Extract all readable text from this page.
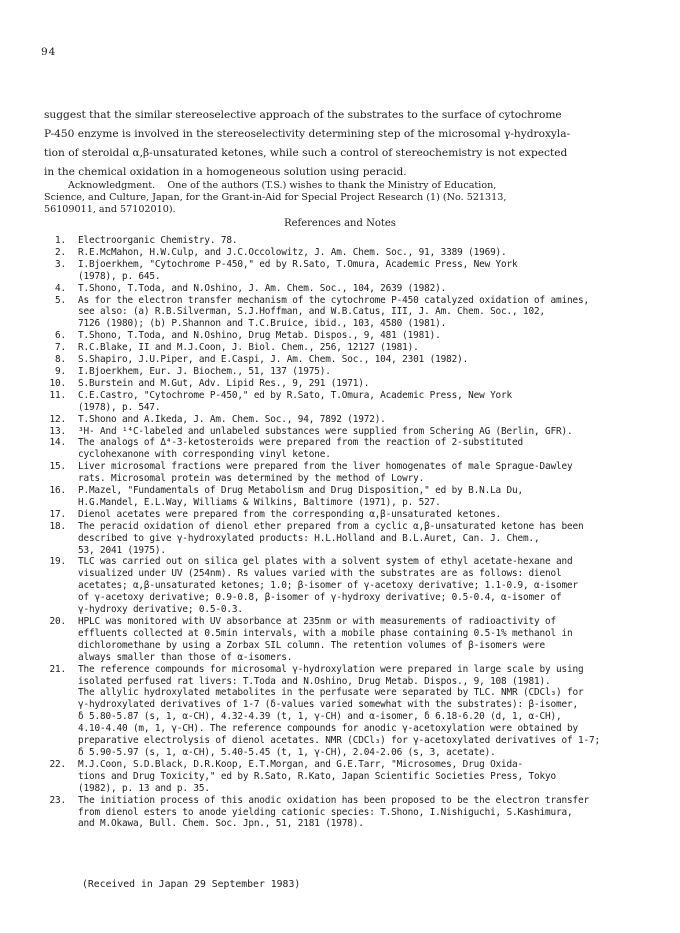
94

suggest that the similar stereoselective approach of the substrates to the surface of cytochrome

P-450 enzyme is involved in the stereoselectivity determining step of the microsomal γ-hydroxyla-

tion of steroidal α,β-unsaturated ketones, while such a control of stereochemistry is not expected

in the chemical oxidation in a homogeneous solution using peracid.

Acknowledgment.    One of the authors (T.S.) wishes to thank the Ministry of Education,

Science, and Culture, Japan, for the Grant-in-Aid for Special Project Research (1) (No. 521313,

56109011, and 57102010).

References and Notes
1.	Electroorganic Chemistry. 78.
2.	R.E.McMahon, H.W.Culp, and J.C.Occolowitz, J. Am. Chem. Soc., 91, 3389 (1969).
3.	I.Bjoerkhem, "Cytochrome P-450," ed by R.Sato, T.Omura, Academic Press, New York
(1978), p. 645.
4.	T.Shono, T.Toda, and N.Oshino, J. Am. Chem. Soc., 104, 2639 (1982).
5.	As for the electron transfer mechanism of the cytochrome P-450 catalyzed oxidation of amines,
see also: (a) R.B.Silverman, S.J.Hoffman, and W.B.Catus, III, J. Am. Chem. Soc., 102,
7126 (1980); (b) P.Shannon and T.C.Bruice, ibid., 103, 4580 (1981).
6.	T.Shono, T.Toda, and N.Oshino, Drug Metab. Dispos., 9, 481 (1981).
7.	R.C.Blake, II and M.J.Coon, J. Biol. Chem., 256, 12127 (1981).
8.	S.Shapiro, J.U.Piper, and E.Caspi, J. Am. Chem. Soc., 104, 2301 (1982).
9.	I.Bjoerkhem, Eur. J. Biochem., 51, 137 (1975).
10.	S.Burstein and M.Gut, Adv. Lipid Res., 9, 291 (1971).
11.	C.E.Castro, "Cytochrome P-450," ed by R.Sato, T.Omura, Academic Press, New York
(1978), p. 547.
12.	T.Shono and A.Ikeda, J. Am. Chem. Soc., 94, 7892 (1972).
13.	³H- And ¹⁴C-labeled and unlabeled substances were supplied from Schering AG (Berlin, GFR).
14.	The analogs of Δ⁴-3-ketosteroids were prepared from the reaction of 2-substituted
cyclohexanone with corresponding vinyl ketone.
15.	Liver microsomal fractions were prepared from the liver homogenates of male Sprague-Dawley
rats. Microsomal protein was determined by the method of Lowry.
16.	P.Mazel, "Fundamentals of Drug Metabolism and Drug Disposition," ed by B.N.La Du,
H.G.Mandel, E.L.Way, Williams & Wilkins, Baltimore (1971), p. 527.
17.	Dienol acetates were prepared from the corresponding α,β-unsaturated ketones.
18.	The peracid oxidation of dienol ether prepared from a cyclic α,β-unsaturated ketone has been
described to give γ-hydroxylated products: H.L.Holland and B.L.Auret, Can. J. Chem.,
53, 2041 (1975).
19.	TLC was carried out on silica gel plates with a solvent system of ethyl acetate-hexane and
visualized under UV (254nm). Rs values varied with the substrates are as follows: dienol
acetates; α,β-unsaturated ketones; 1.0; β-isomer of γ-acetoxy derivative; 1.1-0.9, α-isomer
of γ-acetoxy derivative; 0.9-0.8, β-isomer of γ-hydroxy derivative; 0.5-0.4, α-isomer of
γ-hydroxy derivative; 0.5-0.3.
20.	HPLC was monitored with UV absorbance at 235nm or with measurements of radioactivity of
effluents collected at 0.5min intervals, with a mobile phase containing 0.5-1% methanol in
dichloromethane by using a Zorbax SIL column. The retention volumes of β-isomers were
always smaller than those of α-isomers.
21.	The reference compounds for microsomal γ-hydroxylation were prepared in large scale by using
isolated perfused rat livers: T.Toda and N.Oshino, Drug Metab. Dispos., 9, 108 (1981).
The allylic hydroxylated metabolites in the perfusate were separated by TLC. NMR (CDCl₃) for
γ-hydroxylated derivatives of 1-7 (δ-values varied somewhat with the substrates): β-isomer,
δ 5.80-5.87 (s, 1, α-CH), 4.32-4.39 (t, 1, γ-CH) and α-isomer, δ 6.18-6.20 (d, 1, α-CH),
4.10-4.40 (m, 1, γ-CH). The reference compounds for anodic γ-acetoxylation were obtained by
preparative electrolysis of dienol acetates. NMR (CDCl₃) for γ-acetoxylated derivatives of 1-7;
δ 5.90-5.97 (s, 1, α-CH), 5.40-5.45 (t, 1, γ-CH), 2.04-2.06 (s, 3, acetate).
22.	M.J.Coon, S.D.Black, D.R.Koop, E.T.Morgan, and G.E.Tarr, "Microsomes, Drug Oxida-
tions and Drug Toxicity," ed by R.Sato, R.Kato, Japan Scientific Societies Press, Tokyo
(1982), p. 13 and p. 35.
23.	The initiation process of this anodic oxidation has been proposed to be the electron transfer
from dienol esters to anode yielding cationic species: T.Shono, I.Nishiguchi, S.Kashimura,
and M.Okawa, Bull. Chem. Soc. Jpn., 51, 2181 (1978).
(Received in Japan 29 September 1983)
